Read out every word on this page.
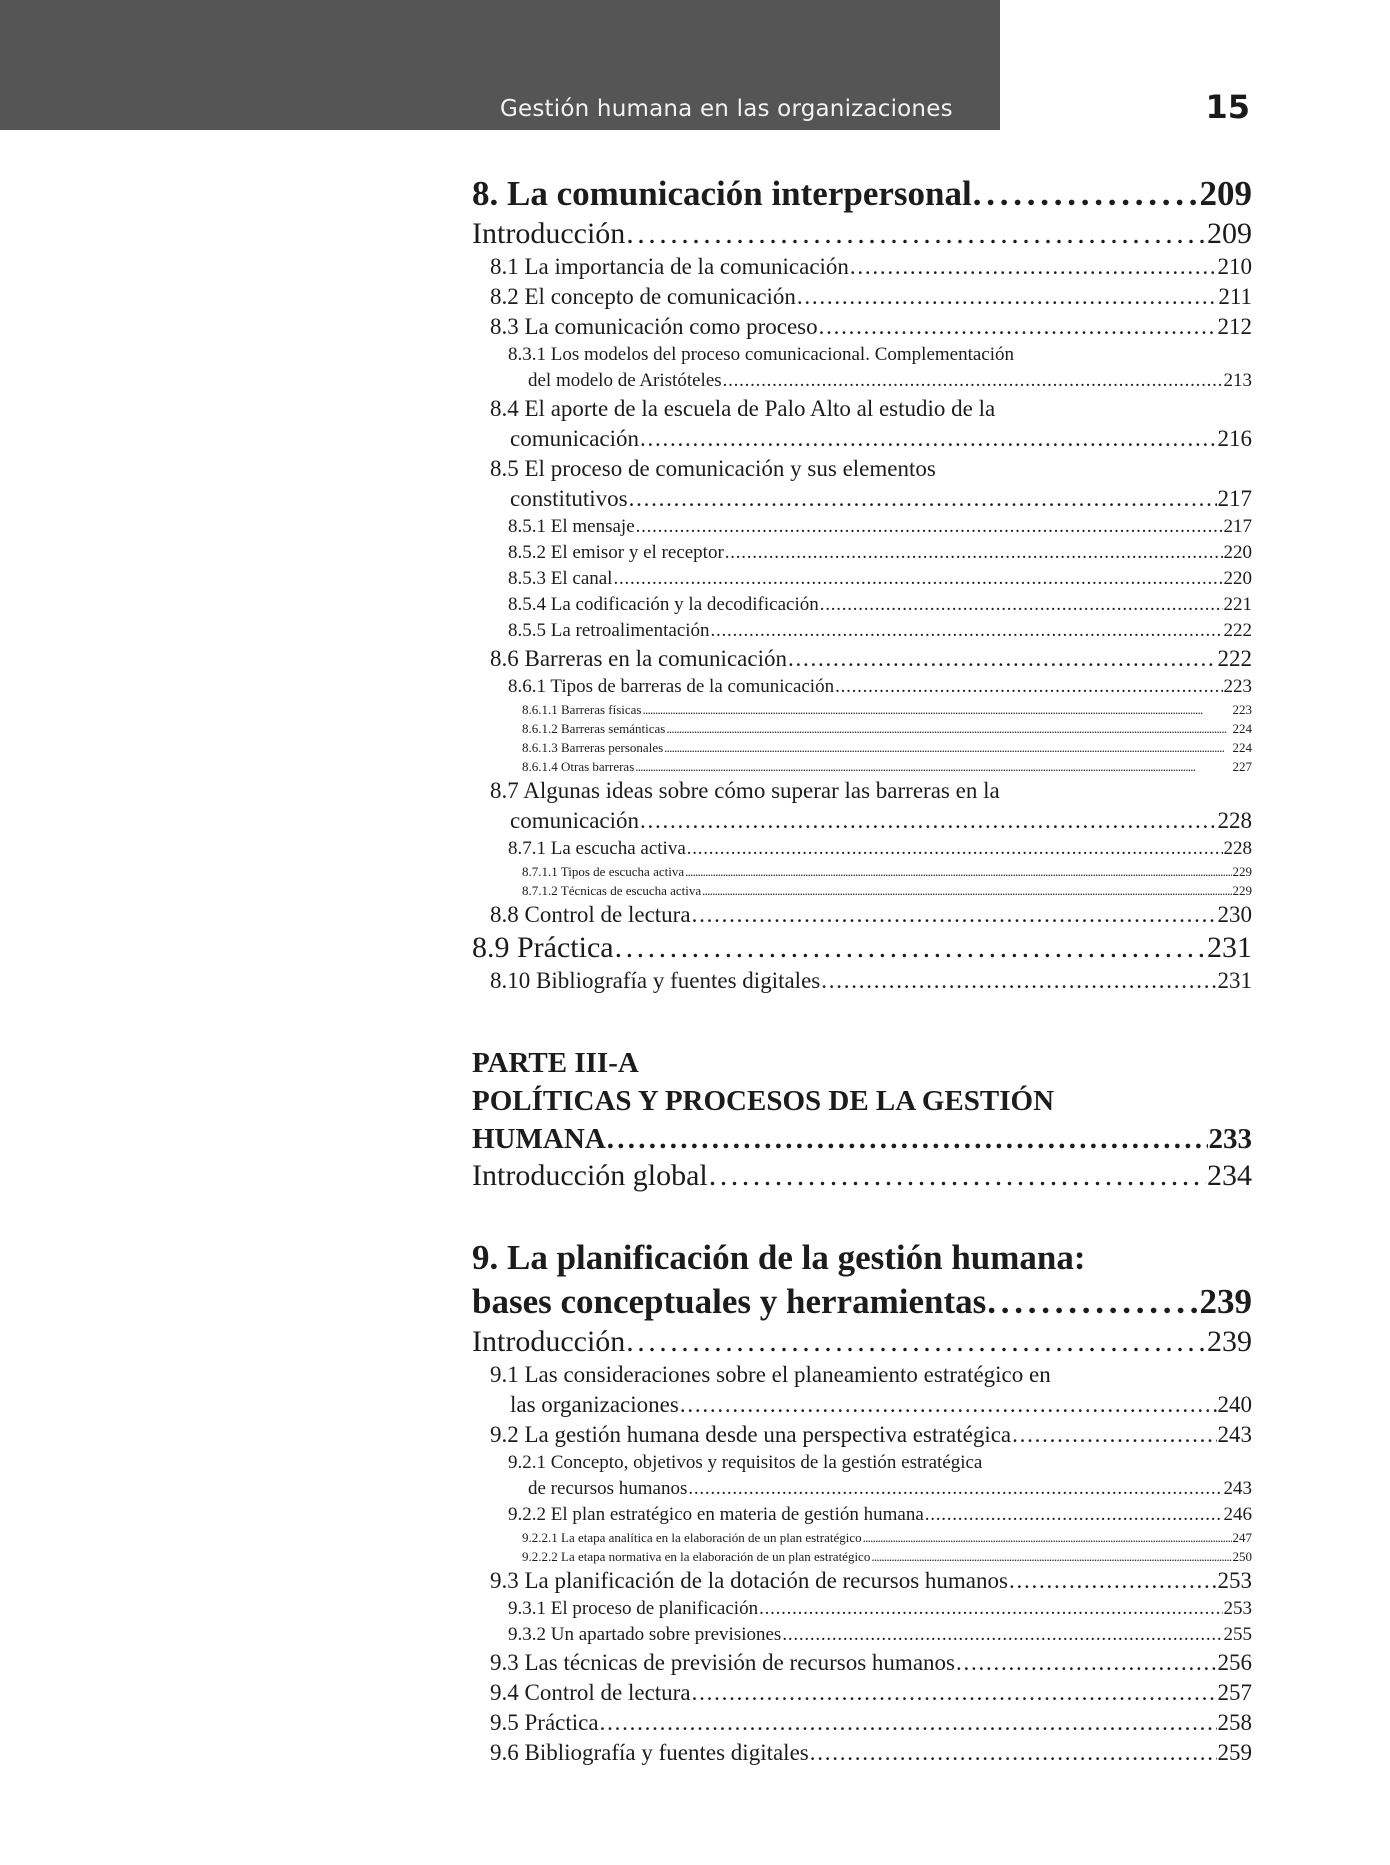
Gestión humana en las organizaciones	15
8. La comunicación interpersonal . . .	209
Introducción . . .	209
8.1 La importancia de la comunicación . . .	210
8.2 El concepto de comunicación . . .	211
8.3 La comunicación como proceso . . .	212
8.3.1 Los modelos del proceso comunicacional. Complementación
del modelo de Aristóteles . . .	213
8.4 El aporte de la escuela de Palo Alto al estudio de la
comunicación . . .	216
8.5 El proceso de comunicación y sus elementos
constitutivos . . .	217
8.5.1 El mensaje . . .	217
8.5.2 El emisor y el receptor . . .	220
8.5.3 El canal . . .	220
8.5.4 La codificación y la decodificación . . .	221
8.5.5 La retroalimentación . . .	222
8.6 Barreras en la comunicación . . .	222
8.6.1 Tipos de barreras de la comunicación . . .	223
8.6.1.1 Barreras físicas . . .	223
8.6.1.2 Barreras semánticas . . .	224
8.6.1.3 Barreras personales . . .	224
8.6.1.4 Otras barreras . . .	227
8.7 Algunas ideas sobre cómo superar las barreras en la
comunicación . . .	228
8.7.1 La escucha activa . . .	228
8.7.1.1 Tipos de escucha activa . . .	229
8.7.1.2 Técnicas de escucha activa . . .	229
8.8 Control de lectura . . .	230
8.9 Práctica . . .	231
8.10 Bibliografía y fuentes digitales . . .	231
PARTE III-A
POLÍTICAS Y PROCESOS DE LA GESTIÓN
HUMANA . . .	233
Introducción global . . .	234
9. La planificación de la gestión humana:
bases conceptuales y herramientas . . .	239
Introducción . . .	239
9.1 Las consideraciones sobre el planeamiento estratégico en
las organizaciones . . .	240
9.2 La gestión humana desde una perspectiva estratégica . . .	243
9.2.1 Concepto, objetivos y requisitos de la gestión estratégica
de recursos humanos . . .	243
9.2.2 El plan estratégico en materia de gestión humana . . .	246
9.2.2.1 La etapa analítica en la elaboración de un plan estratégico . . .	247
9.2.2.2 La etapa normativa en la elaboración de un plan estratégico . . .	250
9.3 La planificación de la dotación de recursos humanos . . .	253
9.3.1 El proceso de planificación . . .	253
9.3.2 Un apartado sobre previsiones . . .	255
9.3 Las técnicas de previsión de recursos humanos . . .	256
9.4 Control de lectura . . .	257
9.5 Práctica . . .	258
9.6 Bibliografía y fuentes digitales . . .	259
